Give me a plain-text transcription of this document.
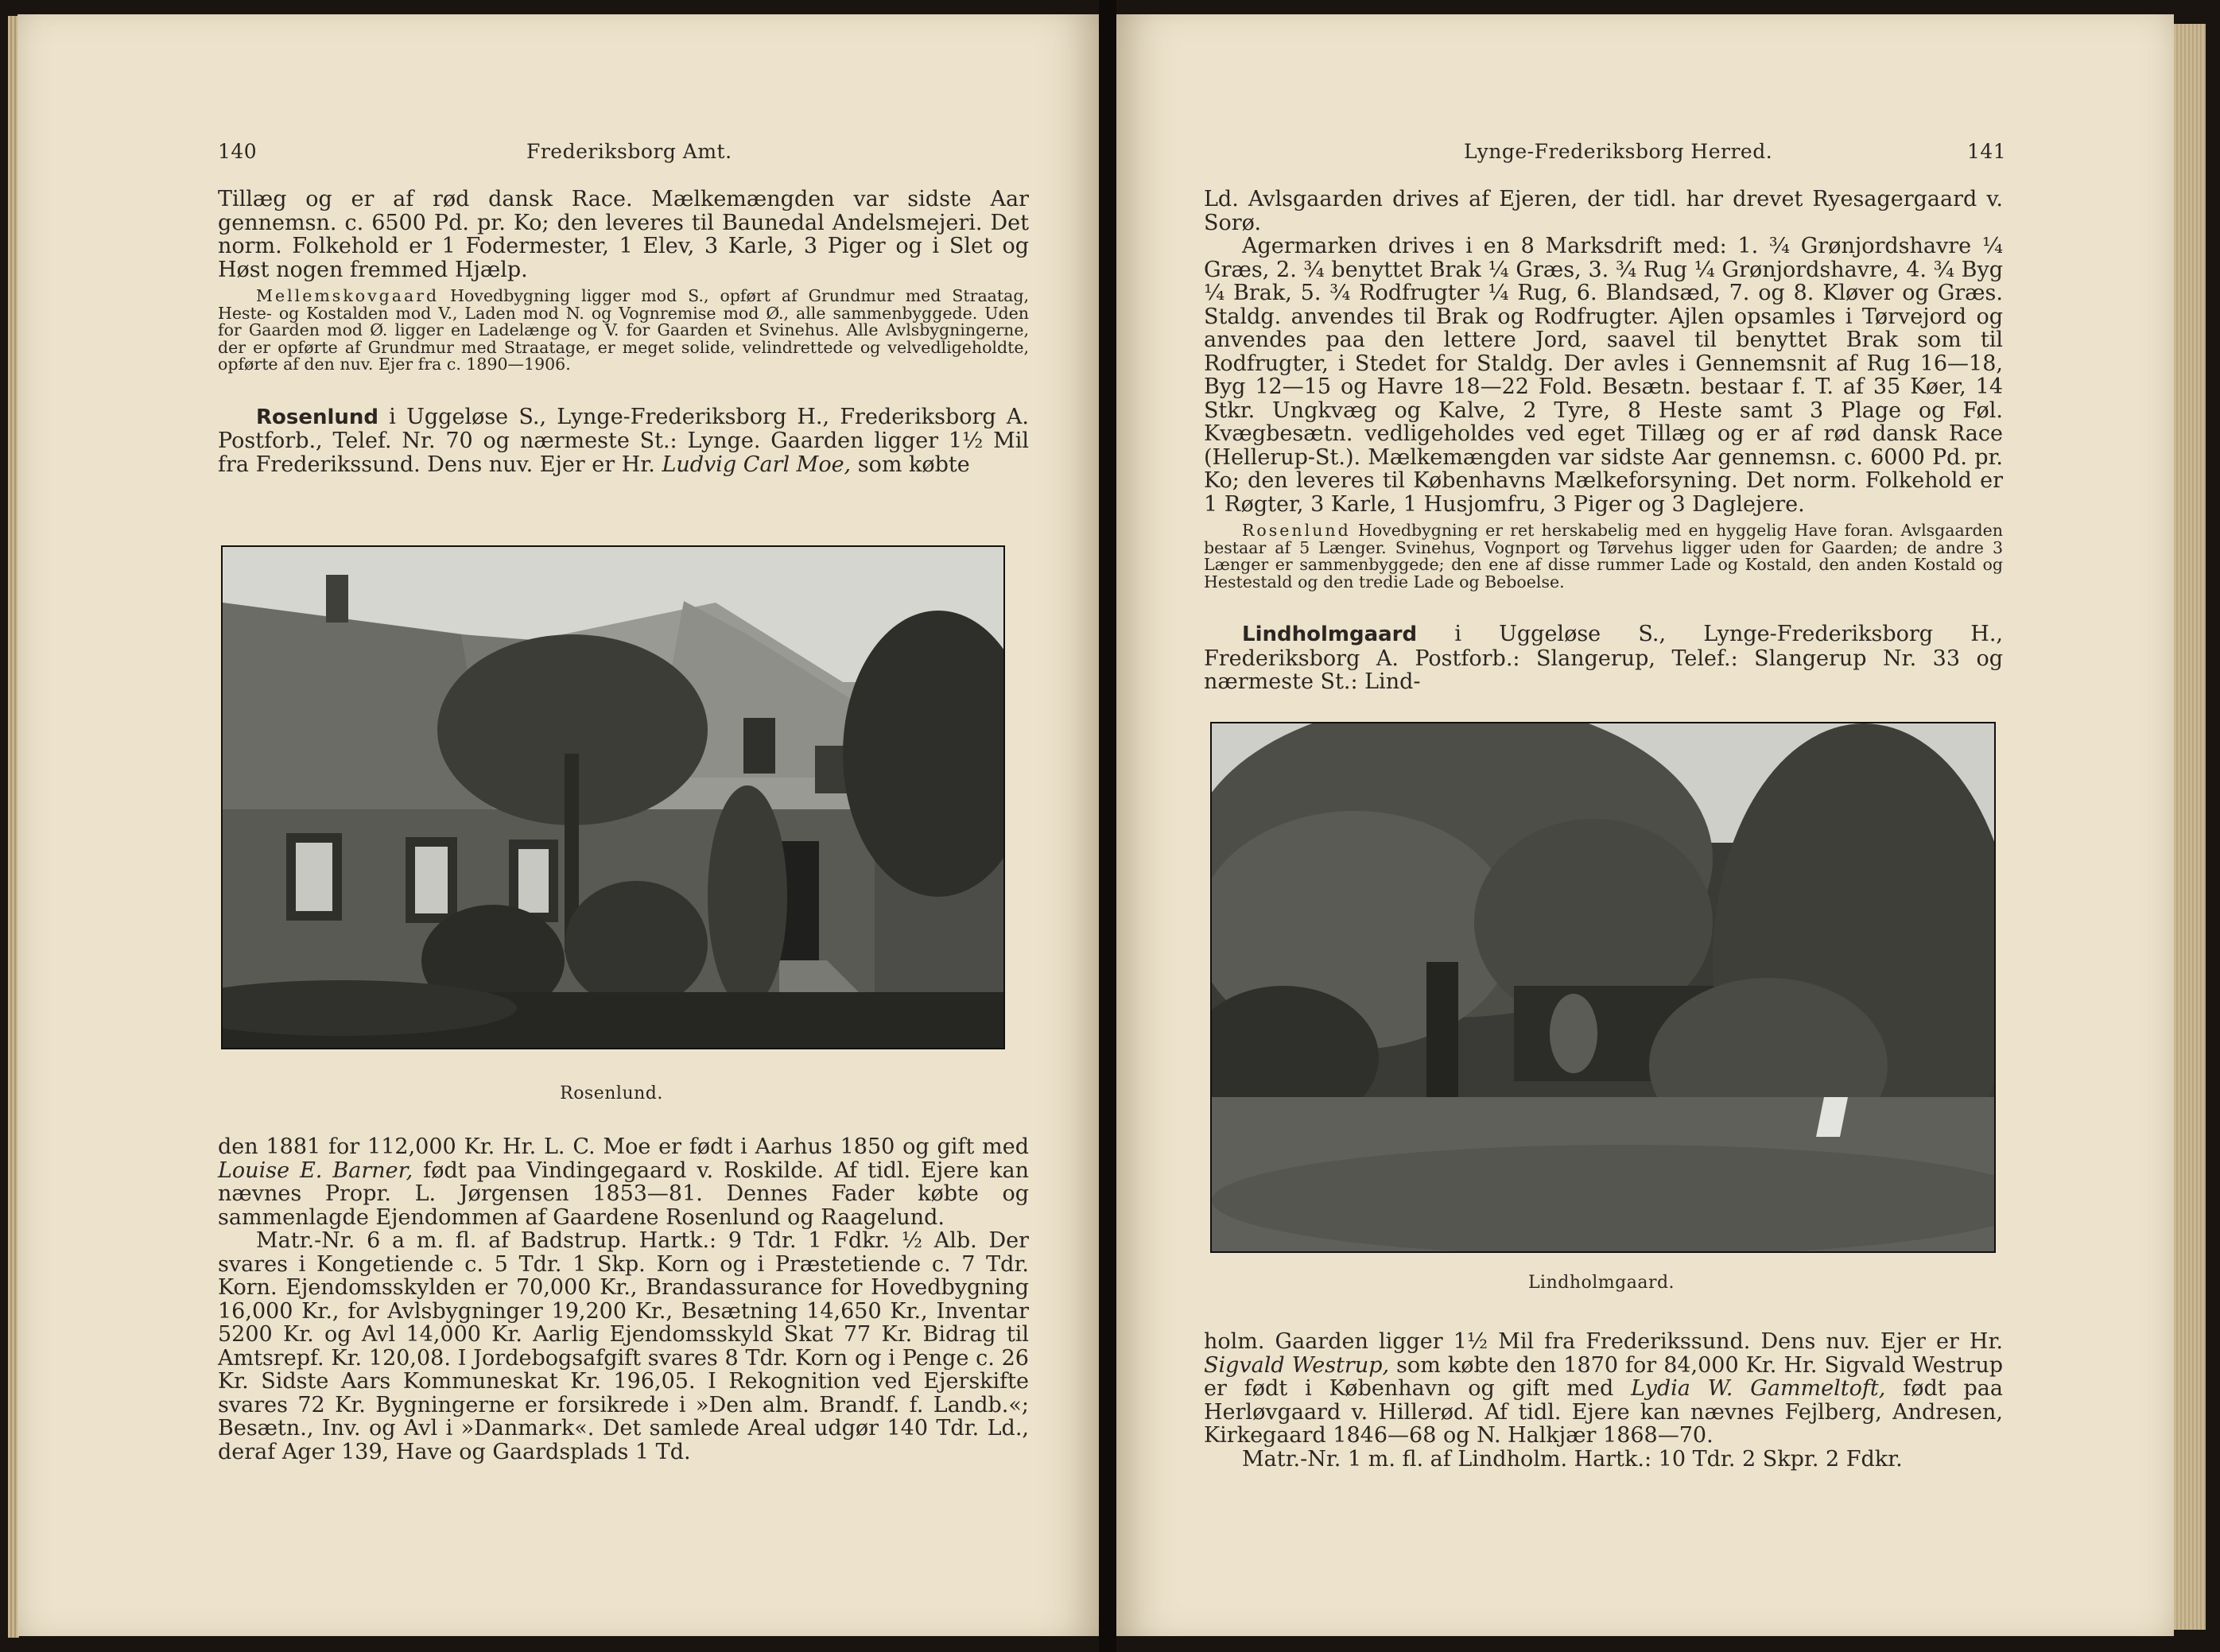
140	Frederiksborg Amt.

Tillæg og er af rød dansk Race. Mælkemængden var sidste Aar gennemsn. c. 6500 Pd. pr. Ko; den leveres til Baunedal Andelsmejeri. Det norm. Folkehold er 1 Fodermester, 1 Elev, 3 Karle, 3 Piger og i Slet og Høst nogen fremmed Hjælp.

Mellemskovgaard Hovedbygning ligger mod S., opført af Grundmur med Straatag, Heste- og Kostalden mod V., Laden mod N. og Vognremise mod Ø., alle sammenbyggede. Uden for Gaarden mod Ø. ligger en Ladelænge og V. for Gaarden et Svinehus. Alle Avlsbygningerne, der er opførte af Grundmur med Straatage, er meget solide, velindrettede og velvedligeholdte, opførte af den nuv. Ejer fra c. 1890—1906.

Rosenlund i Uggeløse S., Lynge-Frederiksborg H., Frederiksborg A. Postforb., Telef. Nr. 70 og nærmeste St.: Lynge. Gaarden ligger 1½ Mil fra Frederikssund. Dens nuv. Ejer er Hr. Ludvig Carl Moe, som købte

Rosenlund.

den 1881 for 112,000 Kr. Hr. L. C. Moe er født i Aarhus 1850 og gift med Louise E. Barner, født paa Vindingegaard v. Roskilde. Af tidl. Ejere kan nævnes Propr. L. Jørgensen 1853—81. Dennes Fader købte og sammenlagde Ejendommen af Gaardene Rosenlund og Raagelund.

Matr.-Nr. 6 a m. fl. af Badstrup. Hartk.: 9 Tdr. 1 Fdkr. ½ Alb. Der svares i Kongetiende c. 5 Tdr. 1 Skp. Korn og i Præstetiende c. 7 Tdr. Korn. Ejendomsskylden er 70,000 Kr., Brandassurance for Hovedbygning 16,000 Kr., for Avlsbygninger 19,200 Kr., Besætning 14,650 Kr., Inventar 5200 Kr. og Avl 14,000 Kr. Aarlig Ejendomsskyld Skat 77 Kr. Bidrag til Amtsrepf. Kr. 120,08. I Jordebogsafgift svares 8 Tdr. Korn og i Penge c. 26 Kr. Sidste Aars Kommuneskat Kr. 196,05. I Rekognition ved Ejerskifte svares 72 Kr. Bygningerne er forsikrede i »Den alm. Brandf. f. Landb.«; Besætn., Inv. og Avl i »Danmark«. Det samlede Areal udgør 140 Tdr. Ld., deraf Ager 139, Have og Gaardsplads 1 Td.

Lynge-Frederiksborg Herred.	141

Ld. Avlsgaarden drives af Ejeren, der tidl. har drevet Ryesagergaard v. Sorø.

Agermarken drives i en 8 Marksdrift med: 1. ¾ Grønjordshavre ¼ Græs, 2. ¾ benyttet Brak ¼ Græs, 3. ¾ Rug ¼ Grønjordshavre, 4. ¾ Byg ¼ Brak, 5. ¾ Rodfrugter ¼ Rug, 6. Blandsæd, 7. og 8. Kløver og Græs. Staldg. anvendes til Brak og Rodfrugter. Ajlen opsamles i Tørvejord og anvendes paa den lettere Jord, saavel til benyttet Brak som til Rodfrugter, i Stedet for Staldg. Der avles i Gennemsnit af Rug 16—18, Byg 12—15 og Havre 18—22 Fold. Besætn. bestaar f. T. af 35 Køer, 14 Stkr. Ungkvæg og Kalve, 2 Tyre, 8 Heste samt 3 Plage og Føl. Kvægbesætn. vedligeholdes ved eget Tillæg og er af rød dansk Race (Hellerup-St.). Mælkemængden var sidste Aar gennemsn. c. 6000 Pd. pr. Ko; den leveres til Københavns Mælkeforsyning. Det norm. Folkehold er 1 Røgter, 3 Karle, 1 Husjomfru, 3 Piger og 3 Daglejere.

Rosenlund Hovedbygning er ret herskabelig med en hyggelig Have foran. Avlsgaarden bestaar af 5 Længer. Svinehus, Vognport og Tørvehus ligger uden for Gaarden; de andre 3 Længer er sammenbyggede; den ene af disse rummer Lade og Kostald, den anden Kostald og Hestestald og den tredie Lade og Beboelse.

Lindholmgaard i Uggeløse S., Lynge-Frederiksborg H., Frederiksborg A. Postforb.: Slangerup, Telef.: Slangerup Nr. 33 og nærmeste St.: Lind-

Lindholmgaard.

holm. Gaarden ligger 1½ Mil fra Frederikssund. Dens nuv. Ejer er Hr. Sigvald Westrup, som købte den 1870 for 84,000 Kr. Hr. Sigvald Westrup er født i København og gift med Lydia W. Gammeltoft, født paa Herløvgaard v. Hillerød. Af tidl. Ejere kan nævnes Fejlberg, Andresen, Kirkegaard 1846—68 og N. Halkjær 1868—70.

Matr.-Nr. 1 m. fl. af Lindholm. Hartk.: 10 Tdr. 2 Skpr. 2 Fdkr.
